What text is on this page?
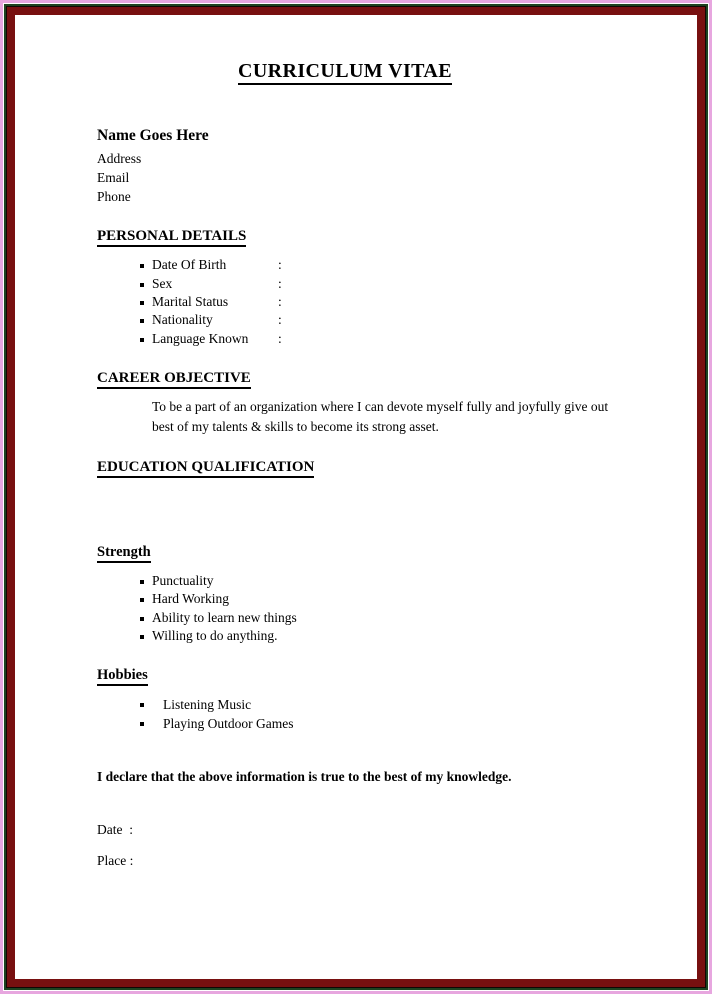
CURRICULUM VITAE

Name Goes Here

Address

Email

Phone

PERSONAL DETAILS
Date Of Birth	:
Sex	:
Marital Status	:
Nationality	:
Language Known :
CAREER OBJECTIVE

To be a part of an organization where I can devote myself fully and joyfully give out best of my talents & skills to become its strong asset.

EDUCATION QUALIFICATION
Strength
Punctuality
Hard Working
Ability to learn new things
Willing to do anything.
Hobbies
Listening Music
Playing Outdoor Games

I declare that the above information is true to the best of my knowledge.

Date  :
Place :
